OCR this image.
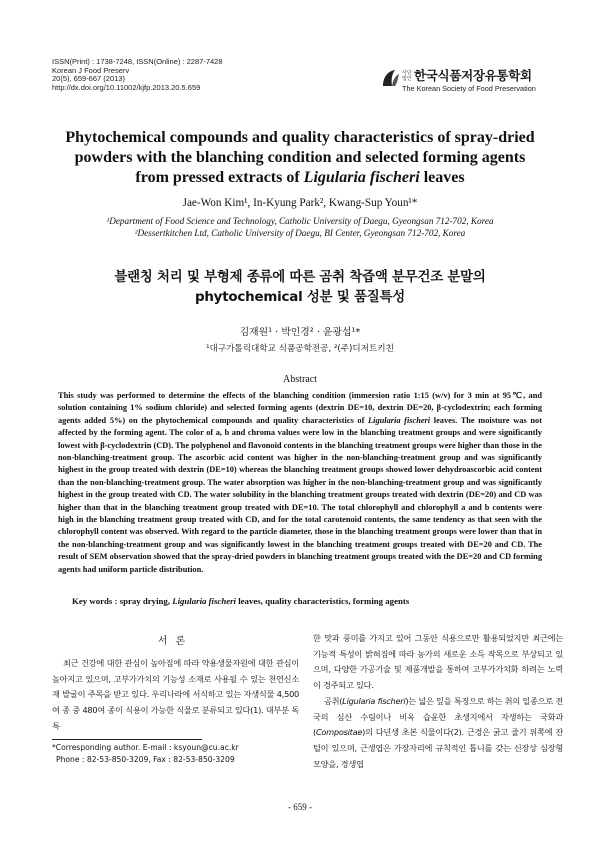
ISSN(Print) : 1738-7248, ISSN(Online) : 2287-7428
Korean J Food Preserv
20(5), 659-667 (2013)
http://dx.doi.org/10.11002/kjfp.2013.20.5.659
사단
법인 한국식품저장유통학회
The Korean Society of Food Preservation
Phytochemical compounds and quality characteristics of spray-dried
powders with the blanching condition and selected forming agents
from pressed extracts of Ligularia fischeri leaves
Jae-Won Kim¹, In-Kyung Park², Kwang-Sup Youn¹*
¹Department of Food Science and Technology, Catholic University of Daegu, Gyeongsan 712-702, Korea
²Dessertkitchen Ltd, Catholic University of Daegu, BI Center, Gyeongsan 712-702, Korea
블랜칭 처리 및 부형제 종류에 따른 곰취 착즙액 분무건조 분말의
phytochemical 성분 및 품질특성
김재원¹ · 박인경² · 윤광섭¹*
¹대구가톨릭대학교 식품공학전공, ²(주)디저트키친
Abstract
This study was performed to determine the effects of the blanching condition (immersion ratio 1:15 (w/v) for 3 min at 95℃, and solution containing 1% sodium chloride) and selected forming agents (dextrin DE=10, dextrin DE=20, β-cyclodextrin; each forming agents added 5%) on the phytochemical compounds and quality characteristics of Ligularia fischeri leaves. The moisture was not affected by the forming agent. The color of a, b and chroma values were low in the blanching treatment groups and were significantly lowest with β-cyclodextrin (CD). The polyphenol and flavonoid contents in the blanching treatment groups were higher than those in the non-blanching-treatment group. The ascorbic acid content was higher in the non-blanching-treatment group and was significantly highest in the group treated with dextrin (DE=10) whereas the blanching treatment groups showed lower dehydroascorbic acid content than the non-blanching-treatment group. The water absorption was higher in the non-blanching-treatment group and was significantly highest in the group treated with CD. The water solubility in the blanching treatment groups treated with dextrin (DE=20) and CD was higher than that in the blanching treatment group treated with DE=10. The total chlorophyll and chlorophyll a and b contents were high in the blanching treatment group treated with CD, and for the total carotenoid contents, the same tendency as that seen with the chlorophyll content was observed. With regard to the particle diameter, those in the blanching treatment groups were lower than that in the non-blanching-treatment group and was significantly lowest in the blanching treatment groups treated with DE=20 and CD. The result of SEM observation showed that the spray-dried powders in blanching treatment groups treated with the DE=20 and CD forming agents had uniform particle distribution.
Key words : spray drying, Ligularia fischeri leaves, quality characteristics, forming agents
서론

최근 건강에 대한 관심이 높아짐에 따라 약용생물자원에 대한 관심이 높아지고 있으며, 고부가가치의 기능성 소재로 사용될 수 있는 천연신소재 발굴이 주목을 받고 있다. 우리나라에 서식하고 있는 자생식물 4,500여 종 중 480여 종이 식용이 가능한 식물로 분류되고 있다(1). 대부분 독특

한 맛과 풍미를 가지고 있어 그동안 식용으로만 활용되었지만 최근에는 기능적 특성이 밝혀짐에 따라 농가의 새로운 소득 작목으로 부상되고 있으며, 다양한 가공기술 및 제품개발을 통하여 고부가가치화 하려는 노력이 경주되고 있다.

곰취(Ligularia fischeri)는 넓은 잎을 특징으로 하는 취의 일종으로 전국의 심산 수림이나 비옥 습윤한 초생지에서 자생하는 국화과(Compositae)의 다년생 초본 식물이다(2). 근경은 굵고 줄기 위쪽에 잔털이 있으며, 근생엽은 가장자리에 규칙적인 톱니를 갖는 신장상 심장형 모양을, 경생엽

*Corresponding author. E-mail : ksyoun@cu.ac.kr
Phone : 82-53-850-3209, Fax : 82-53-850-3209
- 659 -
